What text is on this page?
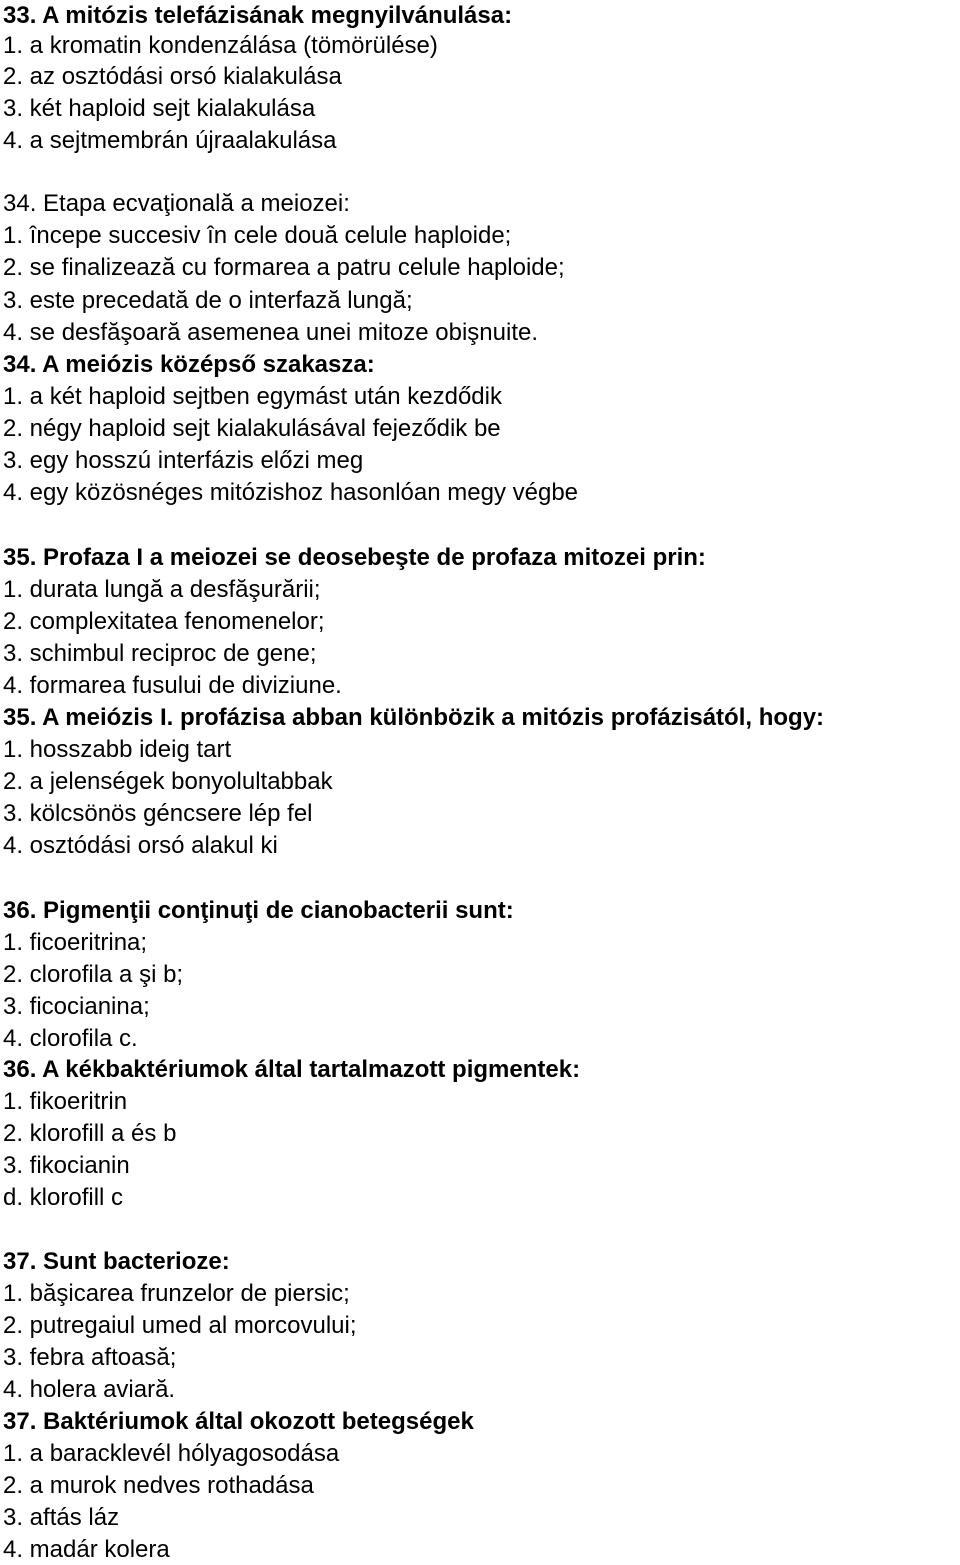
33. A mitózis telefázisának megnyilvánulása:
1. a kromatin kondenzálása (tömörülése)
2. az osztódási orsó kialakulása
3. két haploid sejt kialakulása
4. a sejtmembrán újraalakulása
34. Etapa ecvaţională a meiozei:
1. începe succesiv în cele două celule haploide;
2. se finalizează cu formarea a patru celule haploide;
3. este precedată de o interfază lungă;
4. se desfăşoară asemenea unei mitoze obişnuite.
34. A meiózis középső szakasza:
1. a két haploid sejtben egymást után kezdődik
2. négy haploid sejt kialakulásával fejeződik be
3. egy hosszú interfázis előzi meg
4. egy közösnéges mitózishoz hasonlóan megy végbe
35. Profaza I a meiozei se deosebeşte de profaza mitozei prin:
1. durata lungă a desfăşurării;
2. complexitatea fenomenelor;
3. schimbul reciproc de gene;
4. formarea fusului de diviziune.
35. A meiózis I. profázisa abban különbözik a mitózis profázisától, hogy:
1. hosszabb ideig tart
2. a jelenségek bonyolultabbak
3. kölcsönös géncsere lép fel
4. osztódási orsó alakul ki
36. Pigmenţii conţinuţi de cianobacterii sunt:
1. ficoeritrina;
2. clorofila a şi b;
3. ficocianina;
4. clorofila c.
36. A kékbaktériumok által tartalmazott pigmentek:
1. fikoeritrin
2. klorofill a és b
3. fikocianin
d. klorofill c
37. Sunt bacterioze:
1. băşicarea frunzelor de piersic;
2. putregaiul umed al morcovului;
3. febra aftoasă;
4. holera aviară.
37. Baktériumok által okozott betegségek
1. a baracklevél hólyagosodása
2. a murok nedves rothadása
3. aftás láz
4. madár kolera
